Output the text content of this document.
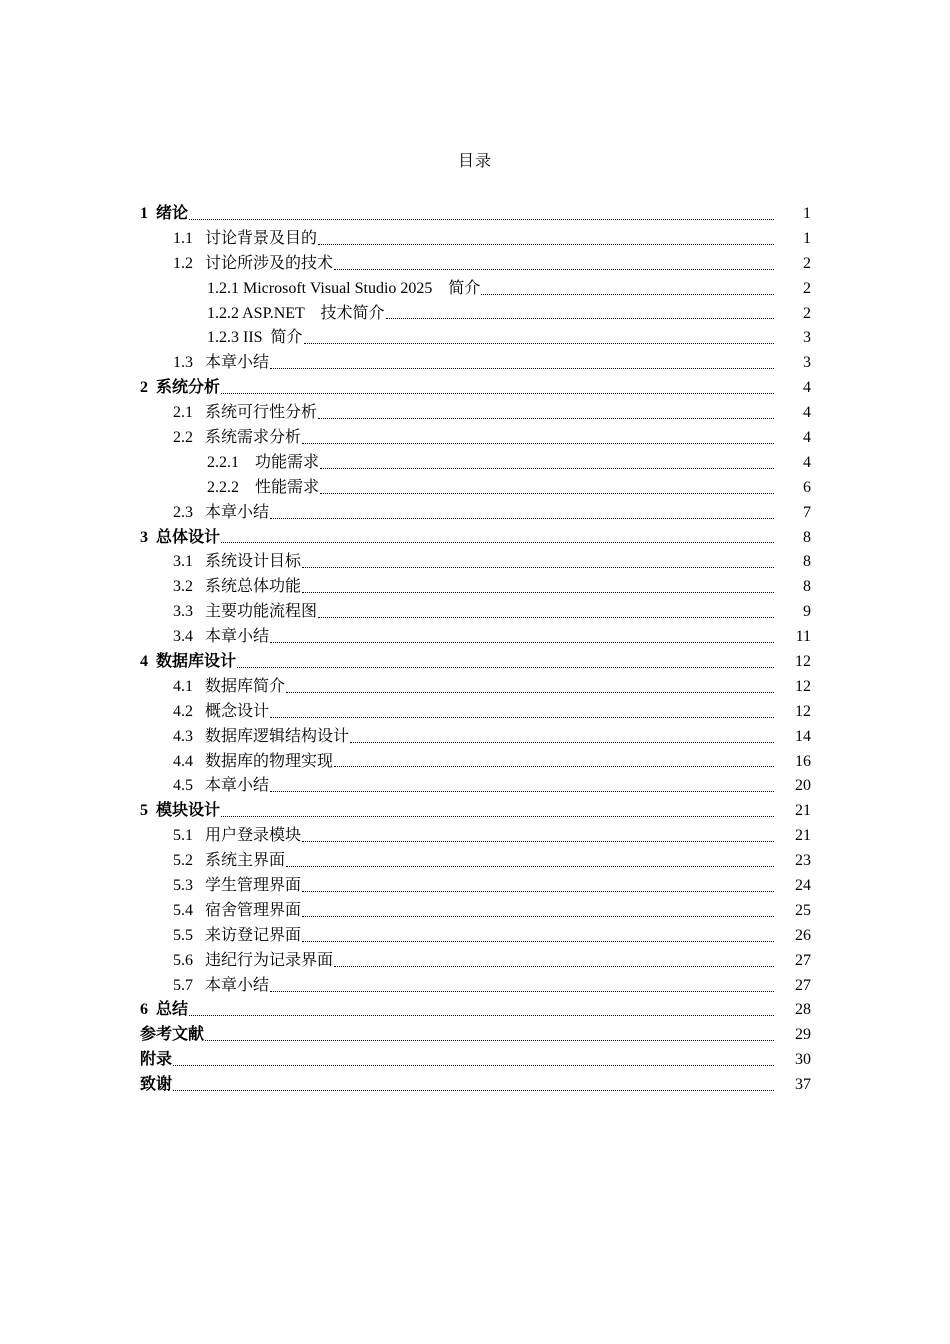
目录
1  绪论	1
1.1   讨论背景及目的	1
1.2   讨论所涉及的技术	2
1.2.1 Microsoft Visual Studio 2025    简介	2
1.2.2 ASP.NET    技术简介	2
1.2.3 IIS  简介	3
1.3   本章小结	3
2  系统分析	4
2.1   系统可行性分析	4
2.2   系统需求分析	4
2.2.1    功能需求	4
2.2.2    性能需求	6
2.3   本章小结	7
3  总体设计	8
3.1   系统设计目标	8
3.2   系统总体功能	8
3.3   主要功能流程图	9
3.4   本章小结	11
4  数据库设计	12
4.1   数据库简介	12
4.2   概念设计	12
4.3   数据库逻辑结构设计	14
4.4   数据库的物理实现	16
4.5   本章小结	20
5  模块设计	21
5.1   用户登录模块	21
5.2   系统主界面	23
5.3   学生管理界面	24
5.4   宿舍管理界面	25
5.5   来访登记界面	26
5.6   违纪行为记录界面	27
5.7   本章小结	27
6  总结	28
参考文献	29
附录	30
致谢	37
